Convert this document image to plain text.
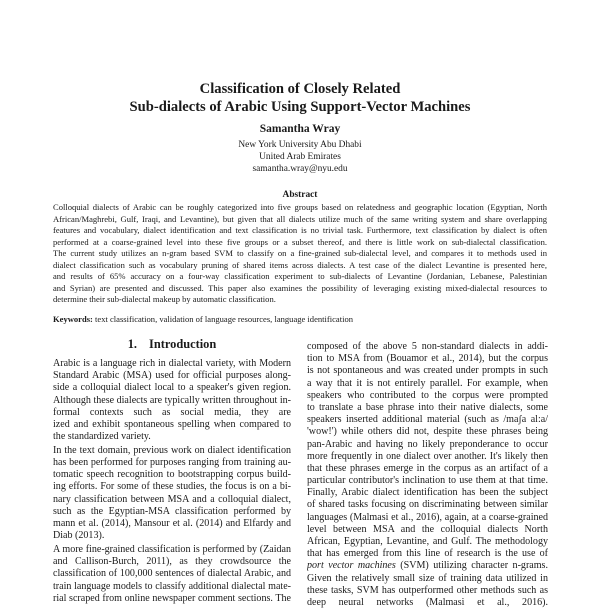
Classification of Closely Related
Sub-dialects of Arabic Using Support-Vector Machines
Samantha Wray
New York University Abu Dhabi
United Arab Emirates
samantha.wray@nyu.edu
Abstract
Colloquial dialects of Arabic can be roughly categorized into five groups based on relatedness and geographic location (Egyptian, North
African/Maghrebi, Gulf, Iraqi, and Levantine), but given that all dialects utilize much of the same writing system and share overlapping
features and vocabulary, dialect identification and text classification is no trivial task. Furthermore, text classification by dialect is often
performed at a coarse-grained level into these five groups or a subset thereof, and there is little work on sub-dialectal classification.
The current study utilizes an n-gram based SVM to classify on a fine-grained sub-dialectal level, and compares it to methods used in
dialect classification such as vocabulary pruning of shared items across dialects. A test case of the dialect Levantine is presented here,
and results of 65% accuracy on a four-way classification experiment to sub-dialects of Levantine (Jordanian, Lebanese, Palestinian
and Syrian) are presented and discussed. This paper also examines the possibility of leveraging existing mixed-dialectal resources to
determine their sub-dialectal makeup by automatic classification.
Keywords: text classification, validation of language resources, language identification
1. Introduction
Arabic is a language rich in dialectal variety, with Modern
Standard Arabic (MSA) used for official purposes along-
side a colloquial dialect local to a speaker's given region.
Although these dialects are typically written throughout in-
formal contexts such as social media, they are
ized and exhibit spontaneous spelling when compared to
the standardized variety.
In the text domain, previous work on dialect identification
has been performed for purposes ranging from training au-
tomatic speech recognition to bootstrapping corpus build-
ing efforts. For some of these studies, the focus is on a bi-
nary classification between MSA and a colloquial dialect,
such as the Egyptian-MSA classification performed by
mann et al. (2014), Mansour et al. (2014) and Elfardy and
Diab (2013).
A more fine-grained classification is performed by (Zaidan
and Callison-Burch, 2011), as they crowdsource the
classification of 100,000 sentences of dialectal Arabic, and
train language models to classify additional dialectal mate-
rial scraped from online newspaper comment sections. The
composed of the above 5 non-standard dialects in addi-
tion to MSA from (Bouamor et al., 2014), but the corpus
is not spontaneous and was created under prompts in such
a way that it is not entirely parallel. For example, when
speakers who contributed to the corpus were prompted
to translate a base phrase into their native dialects, some
speakers inserted additional material (such as /maʃa al:a/
'wow!') while others did not, despite these phrases being
pan-Arabic and having no likely preponderance to occur
more frequently in one dialect over another. It's likely then
that these phrases emerge in the corpus as an artifact of a
particular contributor's inclination to use them at that time.
Finally, Arabic dialect identification has been the subject
of shared tasks focusing on discriminating between similar
languages (Malmasi et al., 2016), again, at a coarse-grained
level between MSA and the colloquial dialects North
African, Egyptian, Levantine, and Gulf. The methodology
that has emerged from this line of research is the use of
port vector machines (SVM) utilizing character n-grams.
Given the relatively small size of training data utilized in
these tasks, SVM has outperformed other methods such as
deep neural networks (Malmasi et al., 2016).
